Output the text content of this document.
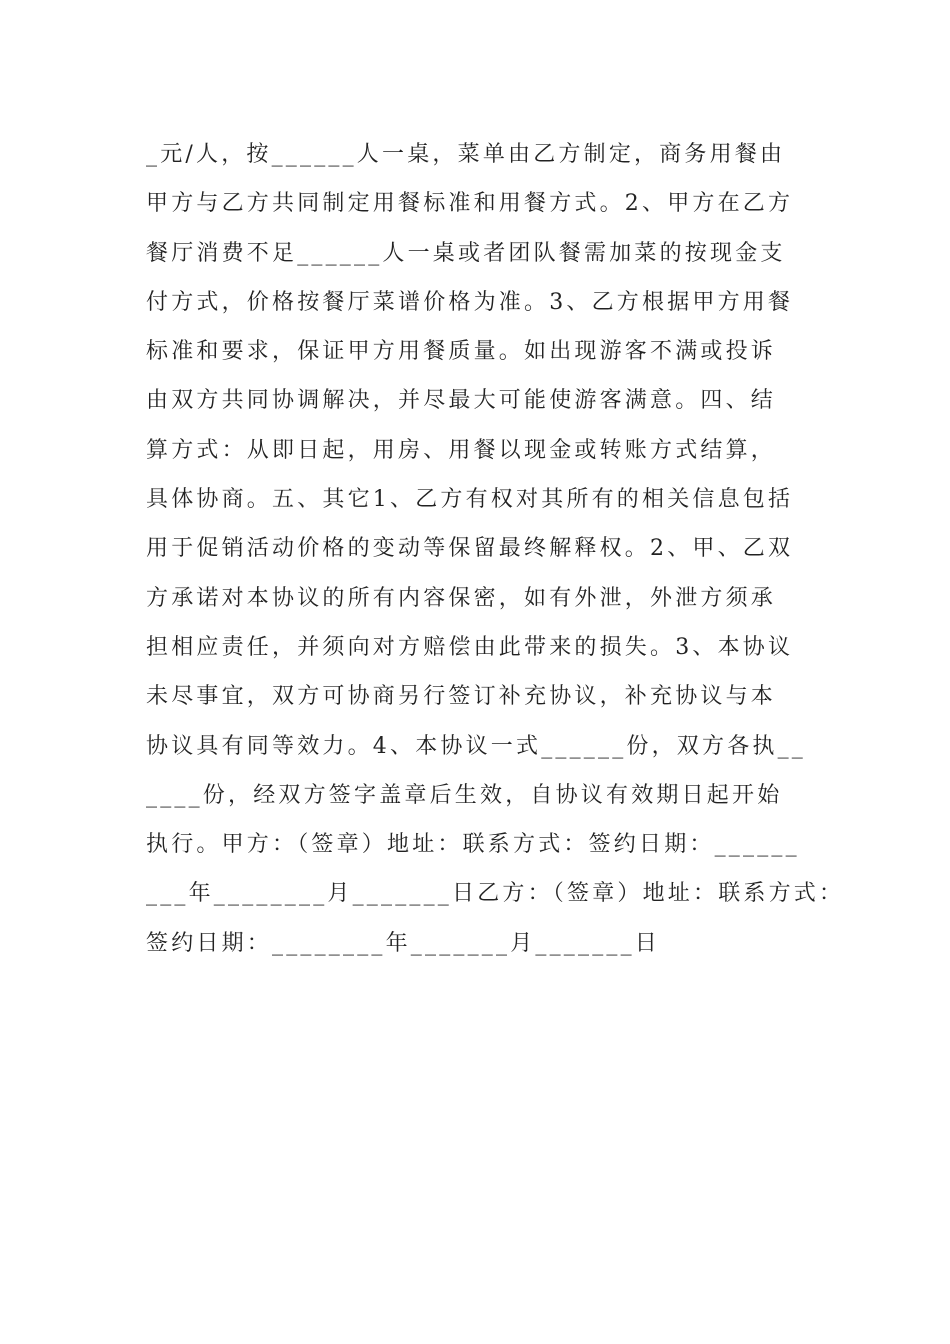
_元/人，按______人一桌，菜单由乙方制定，商务用餐由
甲方与乙方共同制定用餐标准和用餐方式。2、甲方在乙方
餐厅消费不足______人一桌或者团队餐需加菜的按现金支
付方式，价格按餐厅菜谱价格为准。3、乙方根据甲方用餐
标准和要求，保证甲方用餐质量。如出现游客不满或投诉
由双方共同协调解决，并尽最大可能使游客满意。四、结
算方式：从即日起，用房、用餐以现金或转账方式结算，
具体协商。五、其它1、乙方有权对其所有的相关信息包括
用于促销活动价格的变动等保留最终解释权。2、甲、乙双
方承诺对本协议的所有内容保密，如有外泄，外泄方须承
担相应责任，并须向对方赔偿由此带来的损失。3、本协议
未尽事宜，双方可协商另行签订补充协议，补充协议与本
协议具有同等效力。4、本协议一式______份，双方各执__
____份，经双方签字盖章后生效，自协议有效期日起开始
执行。甲方：（签章）地址：联系方式：签约日期：______
___年________月_______日乙方：（签章）地址：联系方式：
签约日期：________年_______月_______日
